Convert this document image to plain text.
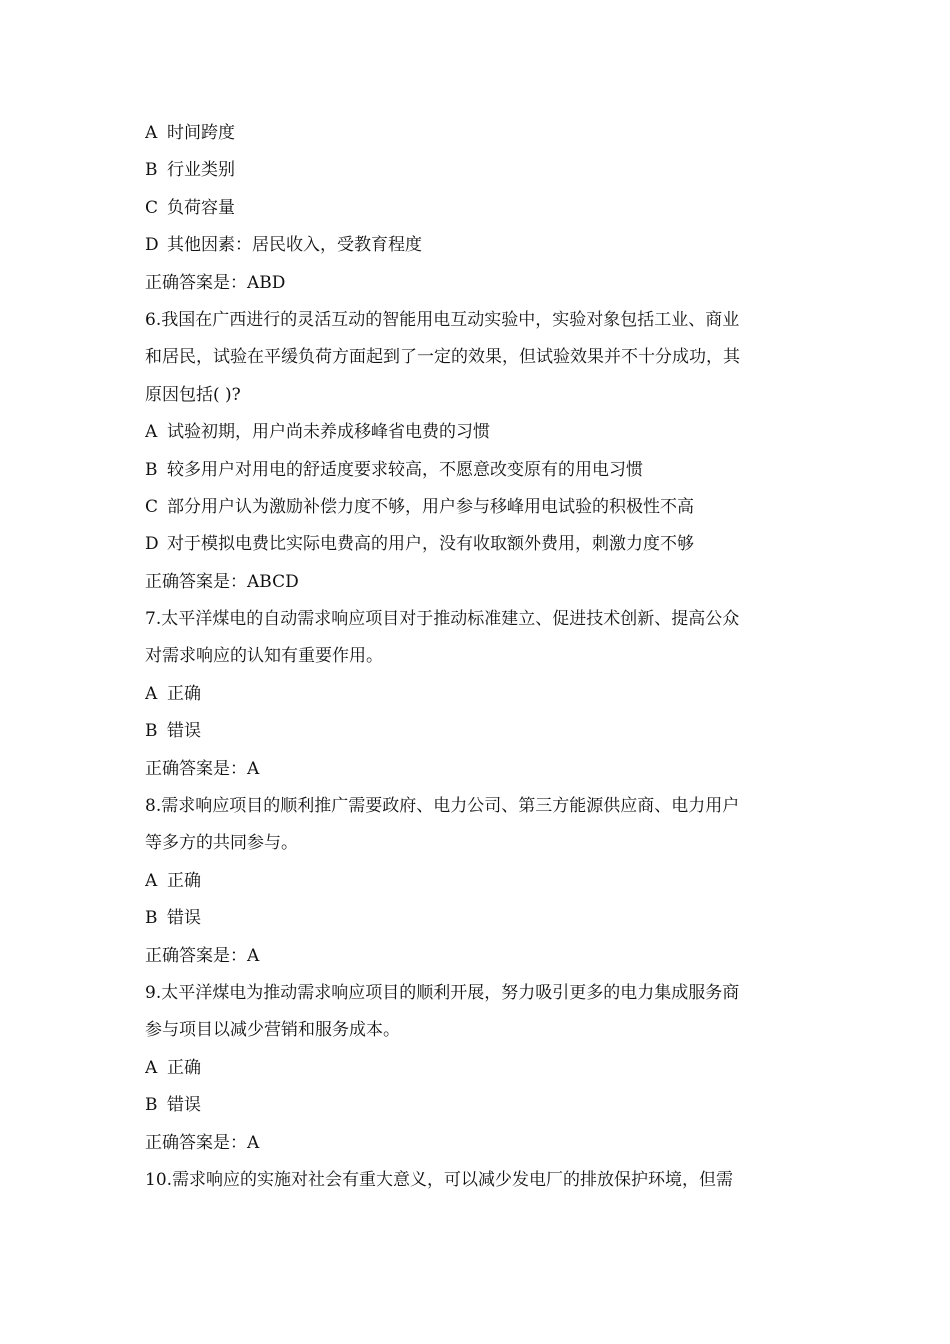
A 时间跨度
B 行业类别
C 负荷容量
D 其他因素：居民收入，受教育程度
正确答案是：ABD
6.我国在广西进行的灵活互动的智能用电互动实验中，实验对象包括工业、商业
和居民，试验在平缓负荷方面起到了一定的效果，但试验效果并不十分成功，其
原因包括( )?
A 试验初期，用户尚未养成移峰省电费的习惯
B 较多用户对用电的舒适度要求较高，不愿意改变原有的用电习惯
C 部分用户认为激励补偿力度不够，用户参与移峰用电试验的积极性不高
D 对于模拟电费比实际电费高的用户，没有收取额外费用，刺激力度不够
正确答案是：ABCD
7.太平洋煤电的自动需求响应项目对于推动标准建立、促进技术创新、提高公众
对需求响应的认知有重要作用。
A 正确
B 错误
正确答案是：A
8.需求响应项目的顺利推广需要政府、电力公司、第三方能源供应商、电力用户
等多方的共同参与。
A 正确
B 错误
正确答案是：A
9.太平洋煤电为推动需求响应项目的顺利开展，努力吸引更多的电力集成服务商
参与项目以减少营销和服务成本。
A 正确
B 错误
正确答案是：A
10.需求响应的实施对社会有重大意义，可以减少发电厂的排放保护环境，但需
